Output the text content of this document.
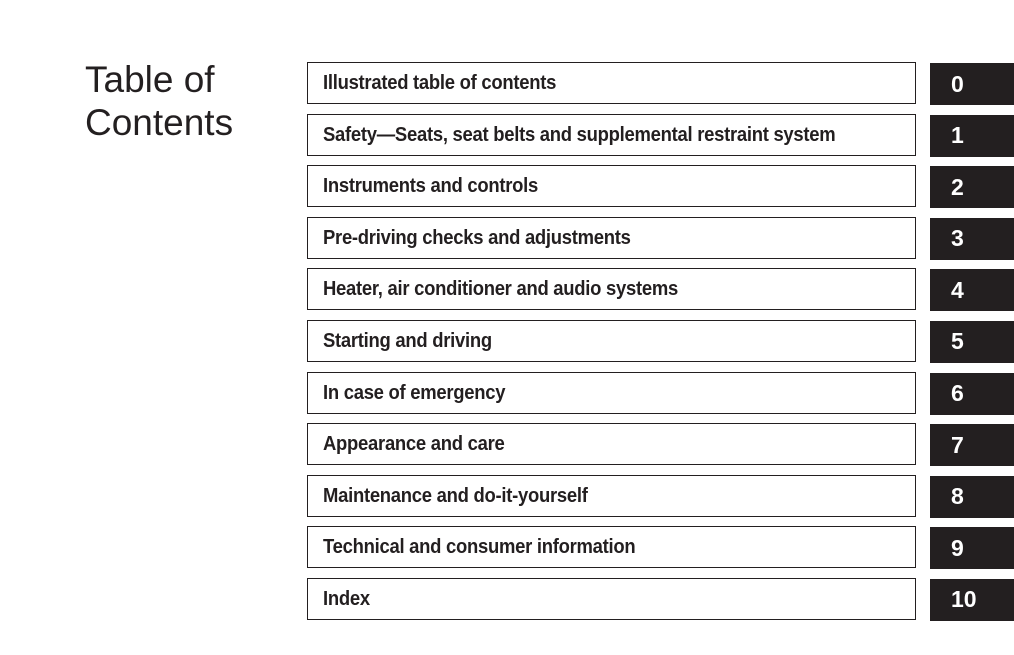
Table of
Contents
Illustrated table of contents	0
Safety—Seats, seat belts and supplemental restraint system	1
Instruments and controls	2
Pre-driving checks and adjustments	3
Heater, air conditioner and audio systems	4
Starting and driving	5
In case of emergency	6
Appearance and care	7
Maintenance and do-it-yourself	8
Technical and consumer information	9
Index	10
